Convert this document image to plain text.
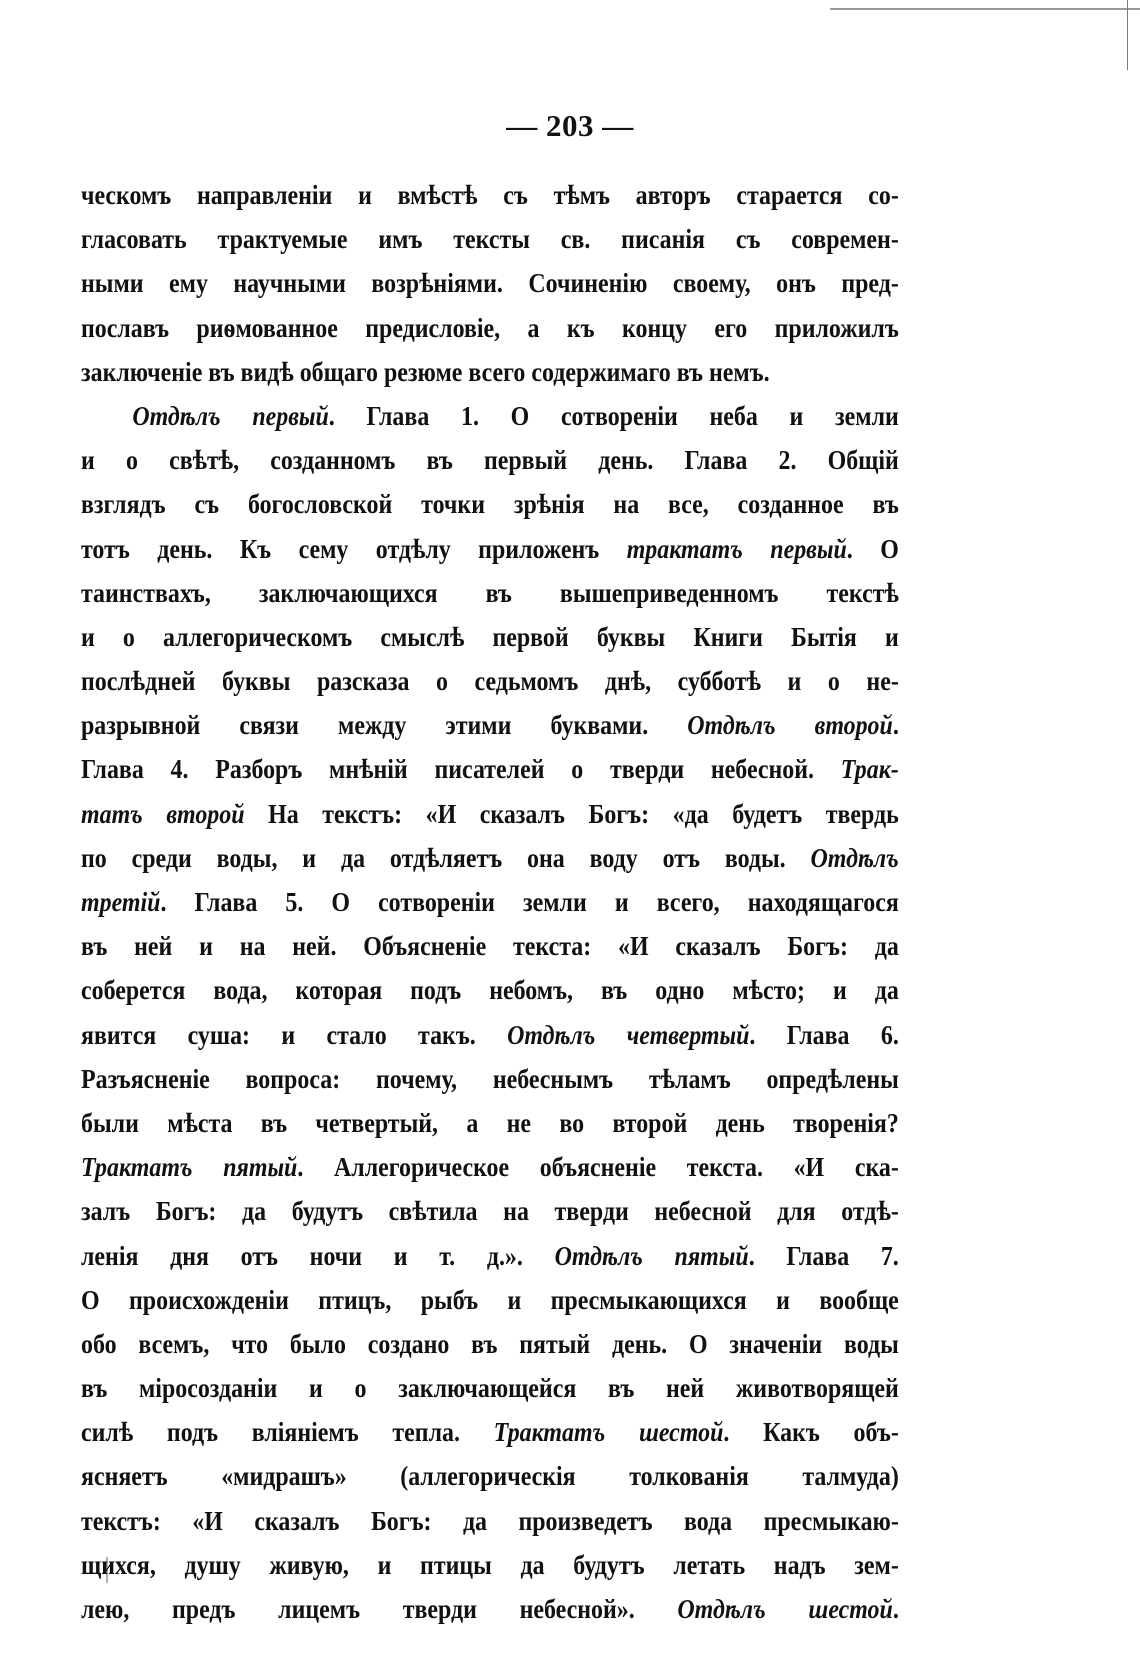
— 203 —
ческомъ направленіи и вмѣстѣ съ тѣмъ авторъ старается со-
гласовать трактуемые имъ тексты св. писанія съ современ-
ными ему научными возрѣніями. Сочиненію своему, онъ пред-
пославъ риѳмованное предисловіе, а къ концу его приложилъ
заключеніе въ видѣ общаго резюме всего содержимаго въ немъ.
Отдѣлъ первый. Глава 1. О сотвореніи неба и земли
и о свѣтѣ, созданномъ въ первый день. Глава 2. Общій
взглядъ съ богословской точки зрѣнія на все, созданное въ
тотъ день. Къ сему отдѣлу приложенъ трактатъ первый. О
таинствахъ, заключающихся въ вышеприведенномъ текстѣ
и о аллегорическомъ смыслѣ первой буквы Книги Бытія и
послѣдней буквы разсказа о седьмомъ днѣ, субботѣ и о не-
разрывной связи между этими буквами. Отдѣлъ второй.
Глава 4. Разборъ мнѣній писателей о тверди небесной. Трак-
татъ второй На текстъ: «И сказалъ Богъ: «да будетъ твердь
по среди воды, и да отдѣляетъ она воду отъ воды. Отдѣлъ
третій. Глава 5. О сотвореніи земли и всего, находящагося
въ ней и на ней. Объясненіе текста: «И сказалъ Богъ: да
соберется вода, которая подъ небомъ, въ одно мѣсто; и да
явится суша: и стало такъ. Отдѣлъ четвертый. Глава 6.
Разъясненіе вопроса: почему, небеснымъ тѣламъ опредѣлены
были мѣста въ четвертый, а не во второй день творенія?
Трактатъ пятый. Аллегорическое объясненіе текста. «И ска-
залъ Богъ: да будутъ свѣтила на тверди небесной для отдѣ-
ленія дня отъ ночи и т. д.». Отдѣлъ пятый. Глава 7.
О происхожденіи птицъ, рыбъ и пресмыкающихся и вообще
обо всемъ, что было создано въ пятый день. О значеніи воды
въ міросозданіи и о заключающейся въ ней животворящей
силѣ подъ вліяніемъ тепла. Трактатъ шестой. Какъ объ-
ясняетъ «мидрашъ» (аллегорическія толкованія талмуда)
текстъ: «И сказалъ Богъ: да произведетъ вода пресмыкаю-
щихся, душу живую, и птицы да будутъ летать надъ зем-
лею, предъ лицемъ тверди небесной». Отдѣлъ шестой.
